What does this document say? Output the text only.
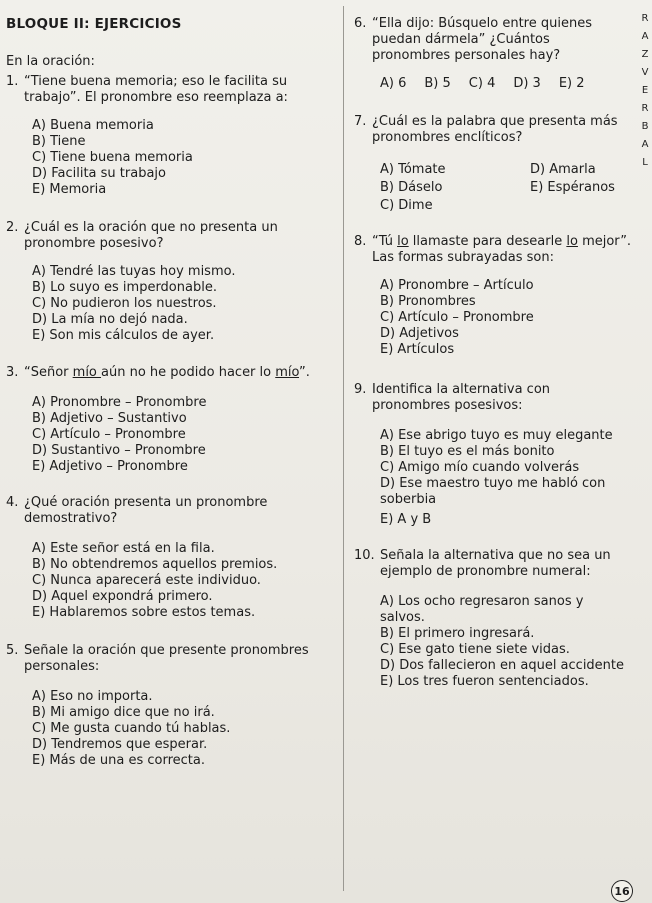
BLOQUE II: EJERCICIOS
En la oración:
1. “Tiene buena memoria; eso le facilita su trabajo”. El pronombre eso reemplaza a:
A) Buena memoria
B) Tiene
C) Tiene buena memoria
D) Facilita su trabajo
E) Memoria
2. ¿Cuál es la oración que no presenta un pronombre posesivo?
A) Tendré las tuyas hoy mismo.
B) Lo suyo es imperdonable.
C) No pudieron los nuestros.
D) La mía no dejó nada.
E) Son mis cálculos de ayer.
3. “Señor mío aún no he podido hacer lo mío”.
A) Pronombre – Pronombre
B) Adjetivo – Sustantivo
C) Artículo – Pronombre
D) Sustantivo – Pronombre
E) Adjetivo – Pronombre
4. ¿Qué oración presenta un pronombre demostrativo?
A) Este señor está en la fila.
B) No obtendremos aquellos premios.
C) Nunca aparecerá este individuo.
D) Aquel expondrá primero.
E) Hablaremos sobre estos temas.
5. Señale la oración que presente pronombres personales:
A) Eso no importa.
B) Mi amigo dice que no irá.
C) Me gusta cuando tú hablas.
D) Tendremos que esperar.
E) Más de una es correcta.
6. “Ella dijo: Búsquelo entre quienes puedan dármela” ¿Cuántos pronombres personales hay?
A) 6 B) 5 C) 4 D) 3 E) 2
7. ¿Cuál es la palabra que presenta más pronombres enclíticos?
A) Tómate	D) Amarla
B) Dáselo	E) Espéranos
C) Dime
8. “Tú lo llamaste para desearle lo mejor”.
Las formas subrayadas son:
A) Pronombre – Artículo
B) Pronombres
C) Artículo – Pronombre
D) Adjetivos
E) Artículos
9. Identifica la alternativa con pronombres posesivos:
A) Ese abrigo tuyo es muy elegante
B) El tuyo es el más bonito
C) Amigo mío cuando volverás
D) Ese maestro tuyo me habló con soberbia
E) A y B
10. Señala la alternativa que no sea un ejemplo de pronombre numeral:
A) Los ocho regresaron sanos y salvos.
B) El primero ingresará.
C) Ese gato tiene siete vidas.
D) Dos fallecieron en aquel accidente
E) Los tres fueron sentenciados.
R
A
Z
V
E
R
B
A
L
16
